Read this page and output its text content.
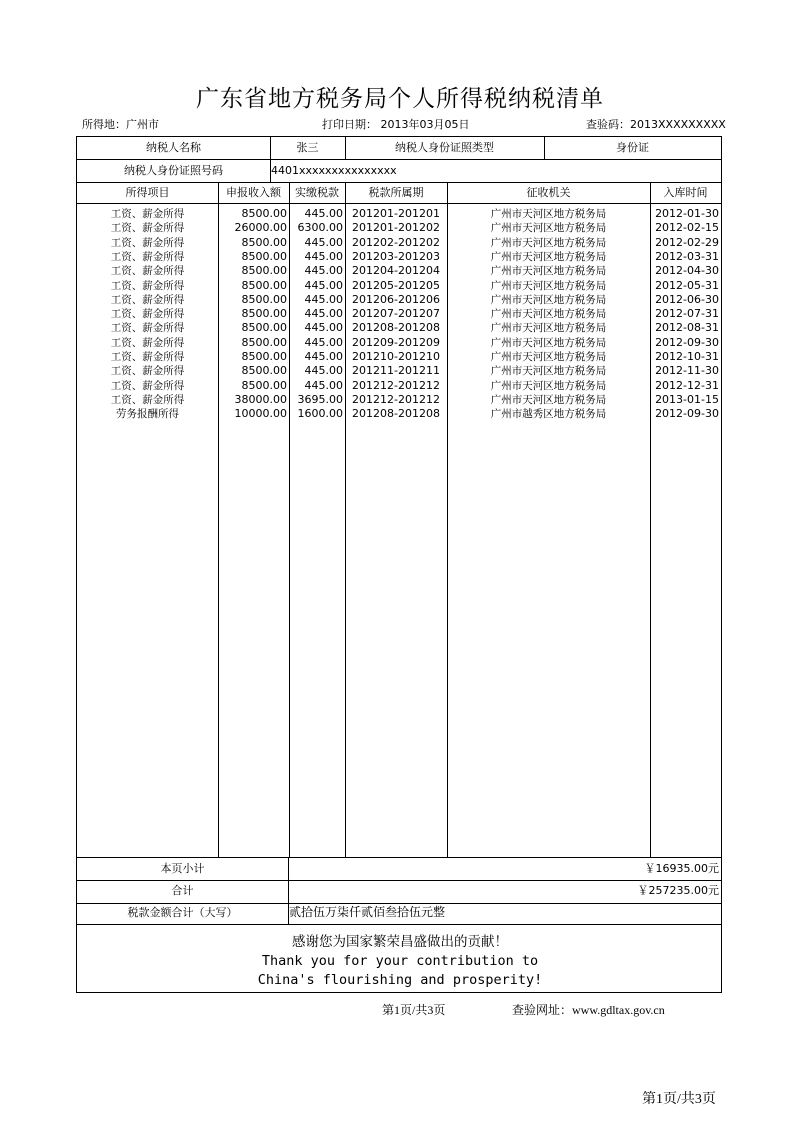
广东省地方税务局个人所得税纳税清单
所得地：广州市	打印日期： 2013年03月05日	查验码：2013XXXXXXXXX
纳税人名称	张三	纳税人身份证照类型	身份证
纳税人身份证照号码	4401xxxxxxxxxxxxxxx
所得项目	申报收入额	实缴税款	税款所属期	征收机关	入库时间
工资、薪金所得	8500.00	445.00 201201-201201	广州市天河区地方税务局	2012-01-30
工资、薪金所得	26000.00 6300.00 201201-201202	广州市天河区地方税务局	2012-02-15
工资、薪金所得	8500.00	445.00 201202-201202	广州市天河区地方税务局	2012-02-29
工资、薪金所得	8500.00	445.00 201203-201203	广州市天河区地方税务局	2012-03-31
工资、薪金所得	8500.00	445.00 201204-201204	广州市天河区地方税务局	2012-04-30
工资、薪金所得	8500.00	445.00 201205-201205	广州市天河区地方税务局	2012-05-31
工资、薪金所得	8500.00	445.00 201206-201206	广州市天河区地方税务局	2012-06-30
工资、薪金所得	8500.00	445.00 201207-201207	广州市天河区地方税务局	2012-07-31
工资、薪金所得	8500.00	445.00 201208-201208	广州市天河区地方税务局	2012-08-31
工资、薪金所得	8500.00	445.00 201209-201209	广州市天河区地方税务局	2012-09-30
工资、薪金所得	8500.00	445.00 201210-201210	广州市天河区地方税务局	2012-10-31
工资、薪金所得	8500.00	445.00 201211-201211	广州市天河区地方税务局	2012-11-30
工资、薪金所得	8500.00	445.00 201212-201212	广州市天河区地方税务局	2012-12-31
工资、薪金所得	38000.00 3695.00 201212-201212	广州市天河区地方税务局	2013-01-15
劳务报酬所得	10000.00 1600.00 201208-201208	广州市越秀区地方税务局	2012-09-30
本页小计	￥16935.00元
合计	￥257235.00元
税款金额合计（大写）	贰拾伍万柒仟贰佰叁拾伍元整
感谢您为国家繁荣昌盛做出的贡献！
Thank you for your contribution to
China's flourishing and prosperity!
第1页/共3页	查验网址：www.gdltax.gov.cn
第1页/共3页
